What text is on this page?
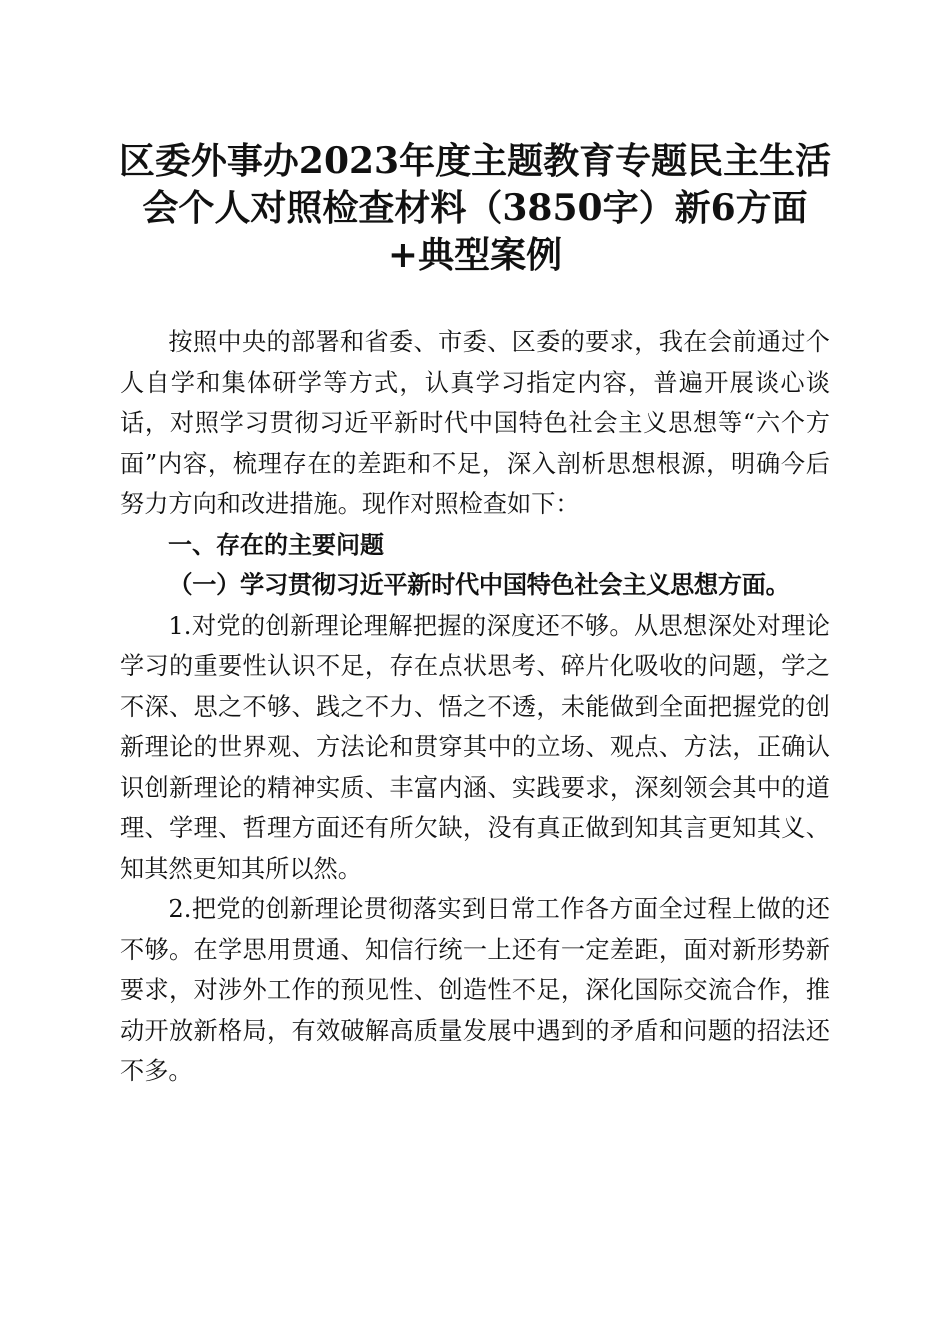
区委外事办2023年度主题教育专题民主生活会个人对照检查材料（3850字）新6方面+典型案例

按照中央的部署和省委、市委、区委的要求，我在会前通过个人自学和集体研学等方式，认真学习指定内容，普遍开展谈心谈话，对照学习贯彻习近平新时代中国特色社会主义思想等“六个方面”内容，梳理存在的差距和不足，深入剖析思想根源，明确今后努力方向和改进措施。现作对照检查如下：

一、存在的主要问题

（一）学习贯彻习近平新时代中国特色社会主义思想方面。

1.对党的创新理论理解把握的深度还不够。从思想深处对理论学习的重要性认识不足，存在点状思考、碎片化吸收的问题，学之不深、思之不够、践之不力、悟之不透，未能做到全面把握党的创新理论的世界观、方法论和贯穿其中的立场、观点、方法，正确认识创新理论的精神实质、丰富内涵、实践要求，深刻领会其中的道理、学理、哲理方面还有所欠缺，没有真正做到知其言更知其义、知其然更知其所以然。

2.把党的创新理论贯彻落实到日常工作各方面全过程上做的还不够。在学思用贯通、知信行统一上还有一定差距，面对新形势新要求，对涉外工作的预见性、创造性不足，深化国际交流合作，推动开放新格局，有效破解高质量发展中遇到的矛盾和问题的招法还不多。
